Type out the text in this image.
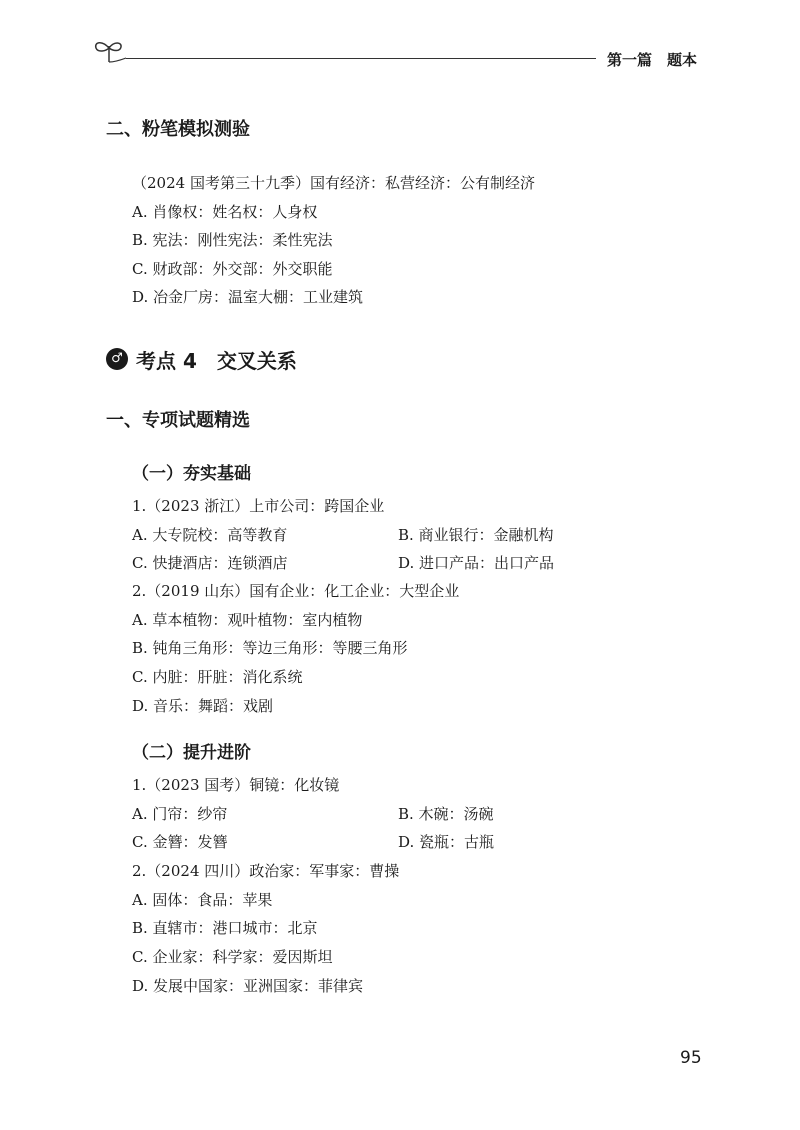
第一篇　题本
二、粉笔模拟测验
（2024 国考第三十九季）国有经济：私营经济：公有制经济
A. 肖像权：姓名权：人身权
B. 宪法：刚性宪法：柔性宪法
C. 财政部：外交部：外交职能
D. 冶金厂房：温室大棚：工业建筑
♂ 考点 4　交叉关系
一、专项试题精选
（一）夯实基础
1.（2023 浙江）上市公司：跨国企业
A. 大专院校：高等教育	B. 商业银行：金融机构
C. 快捷酒店：连锁酒店	D. 进口产品：出口产品
2.（2019 山东）国有企业：化工企业：大型企业
A. 草本植物：观叶植物：室内植物
B. 钝角三角形：等边三角形：等腰三角形
C. 内脏：肝脏：消化系统
D. 音乐：舞蹈：戏剧
（二）提升进阶
1.（2023 国考）铜镜：化妆镜
A. 门帘：纱帘	B. 木碗：汤碗
C. 金簪：发簪	D. 瓷瓶：古瓶
2.（2024 四川）政治家：军事家：曹操
A. 固体：食品：苹果
B. 直辖市：港口城市：北京
C. 企业家：科学家：爱因斯坦
D. 发展中国家：亚洲国家：菲律宾
95
